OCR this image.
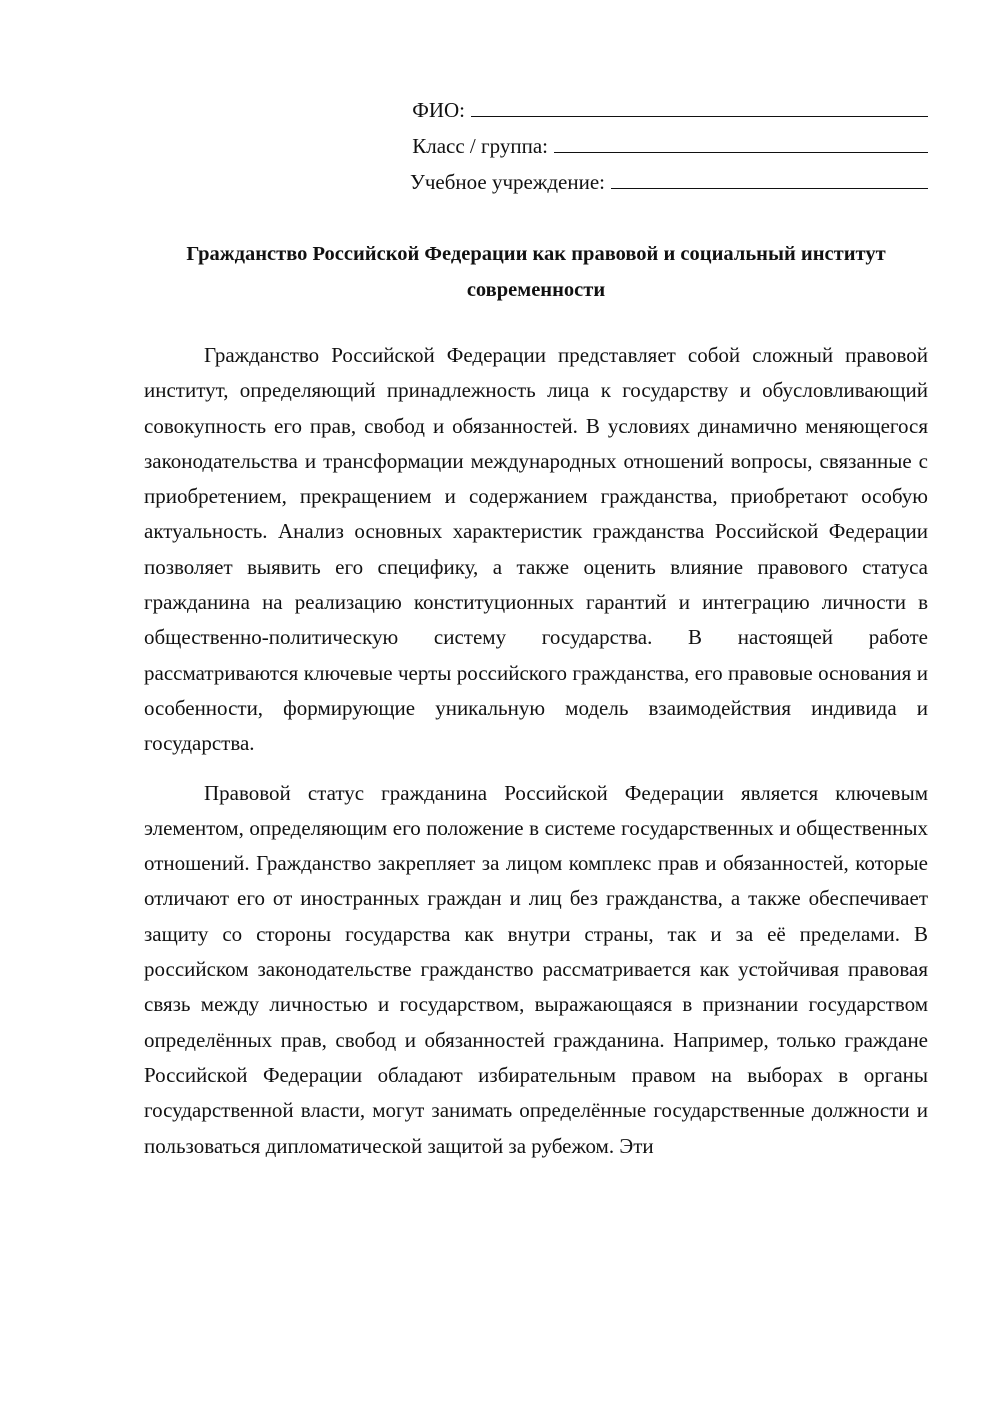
ФИО:
Класс / группа:
Учебное учреждение:
Гражданство Российской Федерации как правовой и социальный институт современности

Гражданство Российской Федерации представляет собой сложный правовой институт, определяющий принадлежность лица к государству и обусловливающий совокупность его прав, свобод и обязанностей. В условиях динамично меняющегося законодательства и трансформации международных отношений вопросы, связанные с приобретением, прекращением и содержанием гражданства, приобретают особую актуальность. Анализ основных характеристик гражданства Российской Федерации позволяет выявить его специфику, а также оценить влияние правового статуса гражданина на реализацию конституционных гарантий и интеграцию личности в общественно-политическую систему государства. В настоящей работе рассматриваются ключевые черты российского гражданства, его правовые основания и особенности, формирующие уникальную модель взаимодействия индивида и государства.

Правовой статус гражданина Российской Федерации является ключевым элементом, определяющим его положение в системе государственных и общественных отношений. Гражданство закрепляет за лицом комплекс прав и обязанностей, которые отличают его от иностранных граждан и лиц без гражданства, а также обеспечивает защиту со стороны государства как внутри страны, так и за её пределами. В российском законодательстве гражданство рассматривается как устойчивая правовая связь между личностью и государством, выражающаяся в признании государством определённых прав, свобод и обязанностей гражданина. Например, только граждане Российской Федерации обладают избирательным правом на выборах в органы государственной власти, могут занимать определённые государственные должности и пользоваться дипломатической защитой за рубежом. Эти
